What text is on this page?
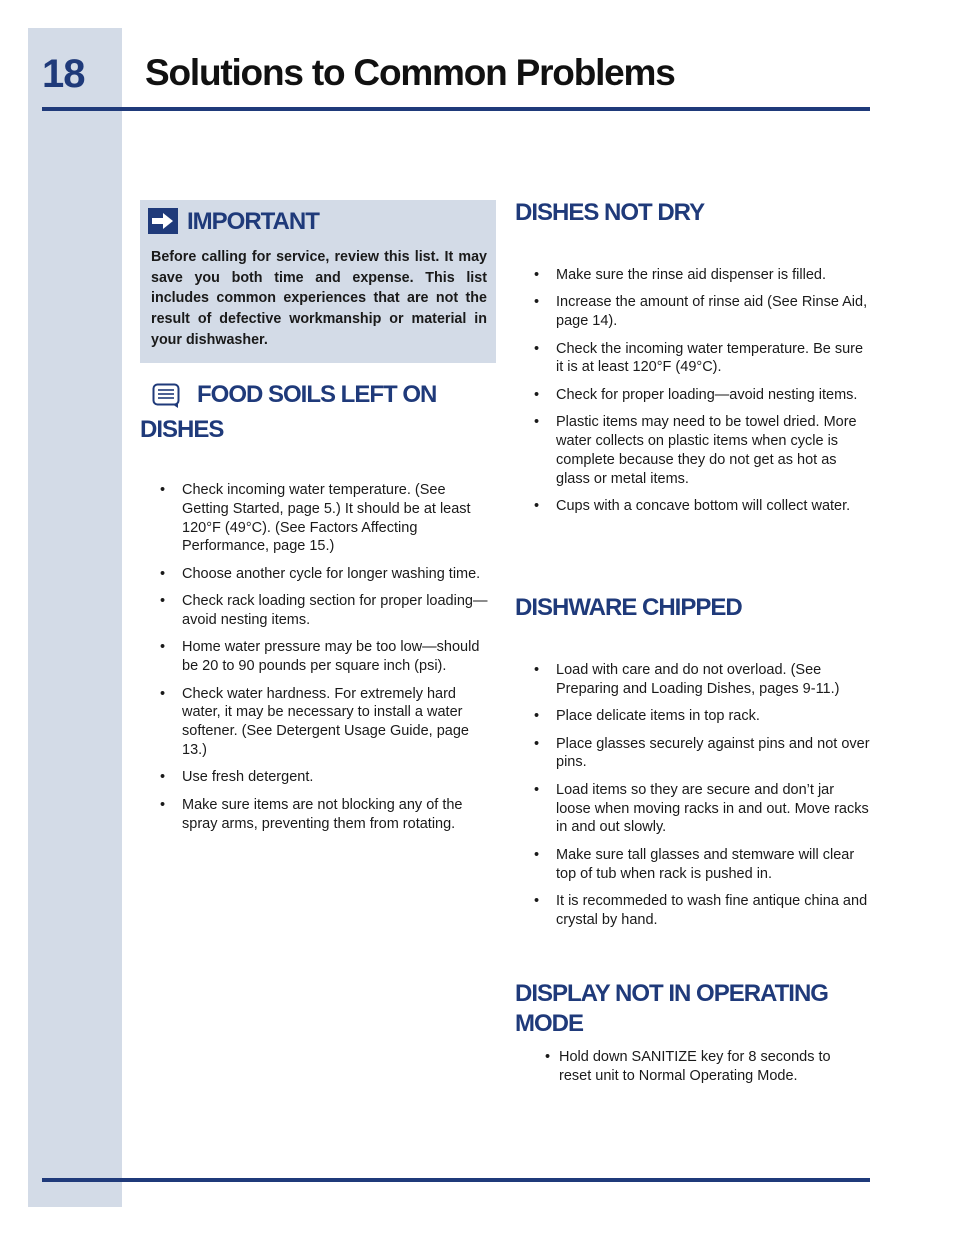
18	Solutions to Common Problems
IMPORTANT
Before calling for service, review this list. It may save you both time and expense. This list includes common experiences that are not the result of defective workmanship or material in your dishwasher.
FOOD SOILS LEFT ON DISHES
• Check incoming water temperature. (See Getting Started, page 5.) It should be at least 120°F (49°C). (See Factors Affecting Performance, page 15.)
• Choose another cycle for longer washing time.
• Check rack loading section for proper loading—avoid nesting items.
• Home water pressure may be too low—should be 20 to 90 pounds per square inch (psi).
• Check water hardness. For extremely hard water, it may be necessary to install a water softener. (See Detergent Usage Guide, page 13.)
• Use fresh detergent.
• Make sure items are not blocking any of the spray arms, preventing them from rotating.
DISHES NOT DRY
• Make sure the rinse aid dispenser is filled.
• Increase the amount of rinse aid (See Rinse Aid, page 14).
• Check the incoming water temperature. Be sure it is at least 120°F (49°C).
• Check for proper loading—avoid nesting items.
• Plastic items may need to be towel dried. More water collects on plastic items when cycle is complete because they do not get as hot as glass or metal items.
• Cups with a concave bottom will collect water.
DISHWARE CHIPPED
• Load with care and do not overload. (See Preparing and Loading Dishes, pages 9-11.)
• Place delicate items in top rack.
• Place glasses securely against pins and not over pins.
• Load items so they are secure and don’t jar loose when moving racks in and out. Move racks in and out slowly.
• Make sure tall glasses and stemware will clear top of tub when rack is pushed in.
• It is recommeded to wash fine antique china and crystal by hand.
DISPLAY NOT IN OPERATING MODE
• Hold down SANITIZE key for 8 seconds to reset unit to Normal Operating Mode.
